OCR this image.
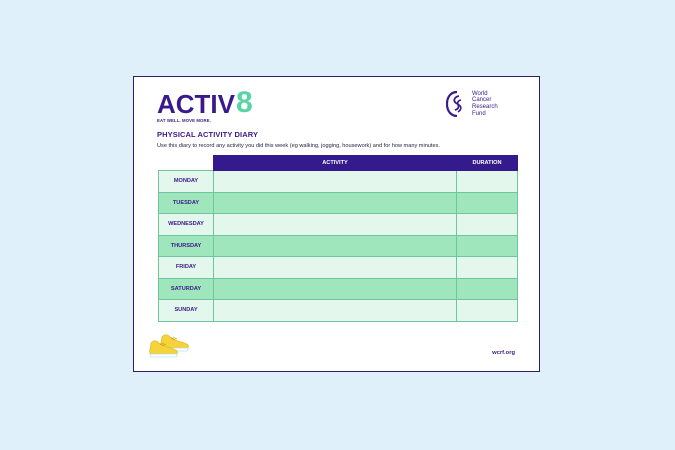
ACTIV 8
EAT WELL. MOVE MORE.
World
Cancer
Research
Fund
PHYSICAL ACTIVITY DIARY
Use this diary to record any activity you did this week (eg walking, jogging, housework) and for how many minutes.
	ACTIVITY	DURATION
MONDAY		
TUESDAY		
WEDNESDAY		
THURSDAY		
FRIDAY		
SATURDAY		
SUNDAY		
wcrf.org
